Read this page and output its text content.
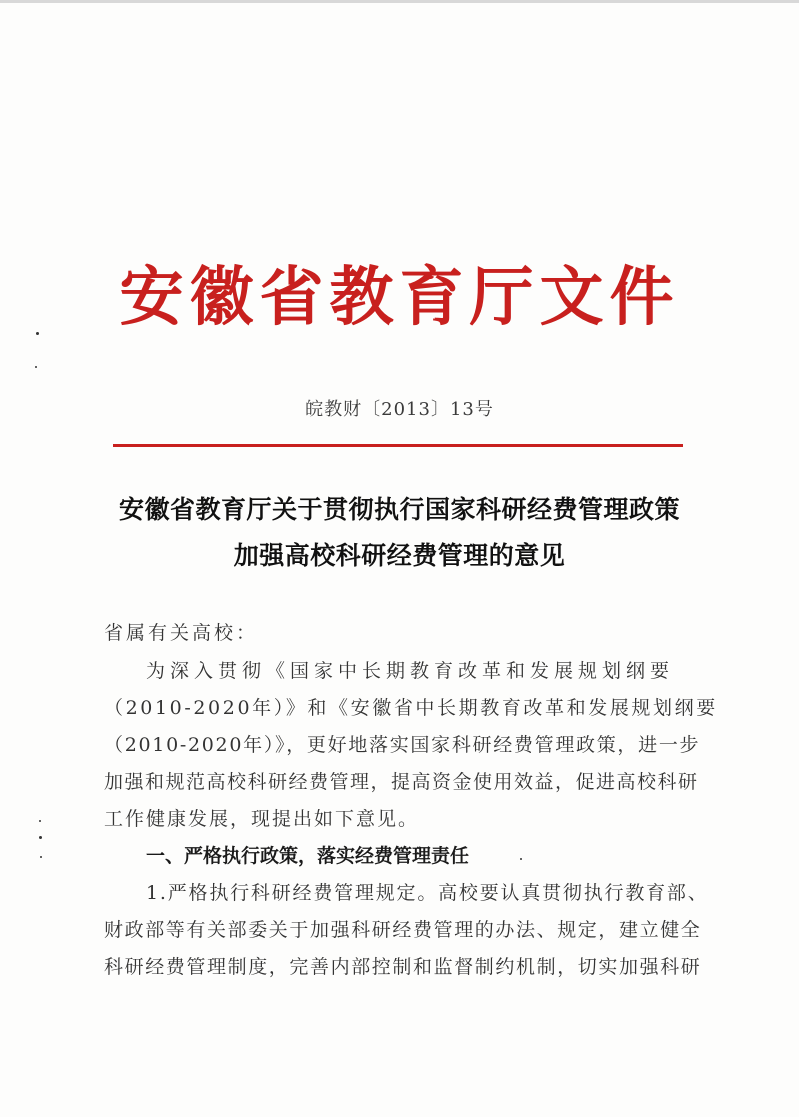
安徽省教育厅文件
皖教财〔2013〕13号
安徽省教育厅关于贯彻执行国家科研经费管理政策
加强高校科研经费管理的意见
省属有关高校：
为深入贯彻《国家中长期教育改革和发展规划纲要
（2010-2020年）》和《安徽省中长期教育改革和发展规划纲要
（2010-2020年）》，更好地落实国家科研经费管理政策，进一步
加强和规范高校科研经费管理，提高资金使用效益，促进高校科研
工作健康发展，现提出如下意见。
一、严格执行政策，落实经费管理责任
1.严格执行科研经费管理规定。高校要认真贯彻执行教育部、
财政部等有关部委关于加强科研经费管理的办法、规定，建立健全
科研经费管理制度，完善内部控制和监督制约机制，切实加强科研
